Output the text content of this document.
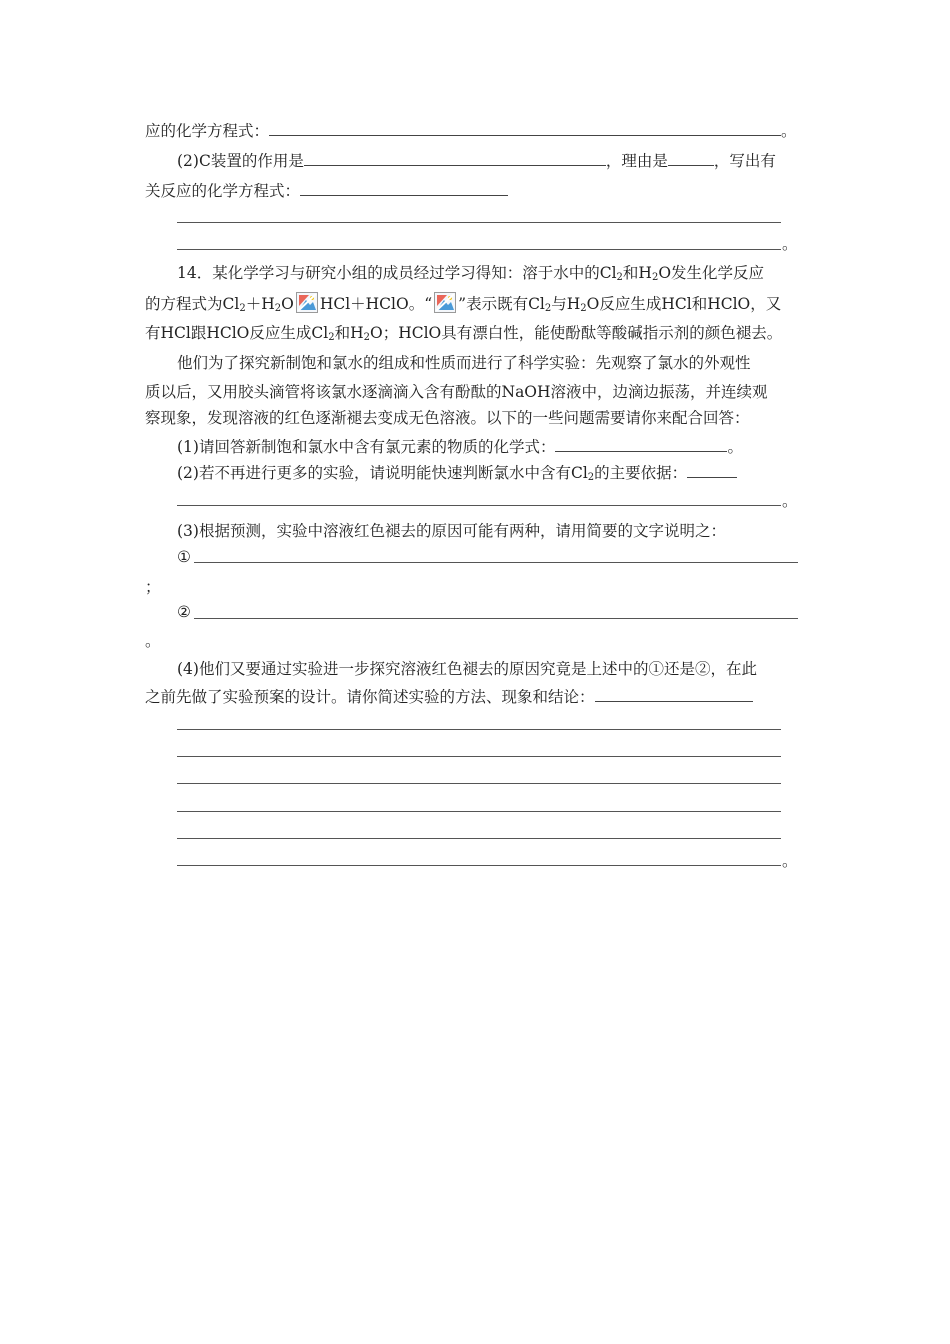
应的化学方程式：	。
(2)C装置的作用是	，理由是	，写出有
关反应的化学方程式：
。
14．某化学学习与研究小组的成员经过学习得知：溶于水中的$Cl_2$和$H_2O$发生化学反应
的方程式为$Cl_2+H_2O$ HCl＋HClO。“ ”表示既有$Cl_2$与$H_2O$反应生成HCl和HClO，又
有HCl跟HClO反应生成$Cl_2$和$H_2O$；HClO具有漂白性，能使酚酞等酸碱指示剂的颜色褪去。
他们为了探究新制饱和氯水的组成和性质而进行了科学实验：先观察了氯水的外观性
质以后，又用胶头滴管将该氯水逐滴滴入含有酚酞的NaOH溶液中，边滴边振荡，并连续观
察现象，发现溶液的红色逐渐褪去变成无色溶液。以下的一些问题需要请你来配合回答：
(1)请回答新制饱和氯水中含有氯元素的物质的化学式：	。
(2)若不再进行更多的实验，请说明能快速判断氯水中含有$Cl_2$的主要依据：
。
(3)根据预测，实验中溶液红色褪去的原因可能有两种，请用简要的文字说明之：
①
；
②
。
(4)他们又要通过实验进一步探究溶液红色褪去的原因究竟是上述中的①还是②，在此
之前先做了实验预案的设计。请你简述实验的方法、现象和结论：
。
